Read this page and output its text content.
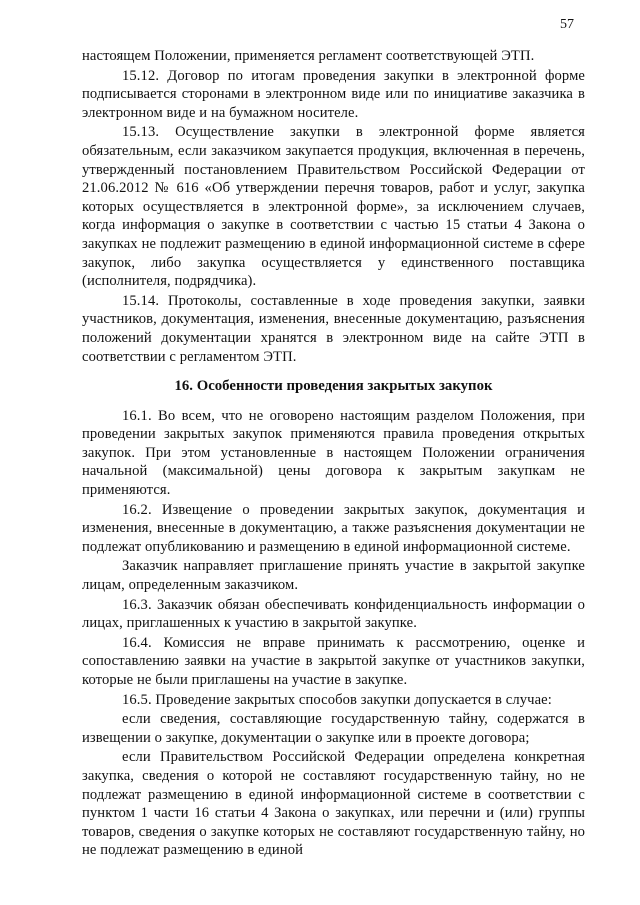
57

настоящем Положении, применяется регламент соответствующей ЭТП.

15.12. Договор по итогам проведения закупки в электронной форме подписывается сторонами в электронном виде или по инициативе заказчика в электронном виде и на бумажном носителе.

15.13. Осуществление закупки в электронной форме является обязательным, если заказчиком закупается продукция, включенная в перечень, утвержденный постановлением Правительством Российской Федерации от 21.06.2012 № 616 «Об утверждении перечня товаров, работ и услуг, закупка которых осуществляется в электронной форме», за исключением случаев, когда информация о закупке в соответствии с частью 15 статьи 4 Закона о закупках не подлежит размещению в единой информационной системе в сфере закупок, либо закупка осуществляется у единственного поставщика (исполнителя, подрядчика).

15.14. Протоколы, составленные в ходе проведения закупки, заявки участников, документация, изменения, внесенные документацию, разъяснения положений документации хранятся в электронном виде на сайте ЭТП в соответствии с регламентом ЭТП.

16. Особенности проведения закрытых закупок

16.1. Во всем, что не оговорено настоящим разделом Положения, при проведении закрытых закупок применяются правила проведения открытых закупок. При этом установленные в настоящем Положении ограничения начальной (максимальной) цены договора к закрытым закупкам не применяются.

16.2. Извещение о проведении закрытых закупок, документация и изменения, внесенные в документацию, а также разъяснения документации не подлежат опубликованию и размещению в единой информационной системе.

Заказчик направляет приглашение принять участие в закрытой закупке лицам, определенным заказчиком.

16.3. Заказчик обязан обеспечивать конфиденциальность информации о лицах, приглашенных к участию в закрытой закупке.

16.4. Комиссия не вправе принимать к рассмотрению, оценке и сопоставлению заявки на участие в закрытой закупке от участников закупки, которые не были приглашены на участие в закупке.

16.5. Проведение закрытых способов закупки допускается в случае:

если сведения, составляющие государственную тайну, содержатся в извещении о закупке, документации о закупке или в проекте договора;

если Правительством Российской Федерации определена конкретная закупка, сведения о которой не составляют государственную тайну, но не подлежат размещению в единой информационной системе в соответствии с пунктом 1 части 16 статьи 4 Закона о закупках, или перечни и (или) группы товаров, сведения о закупке которых не составляют государственную тайну, но не подлежат размещению в единой
